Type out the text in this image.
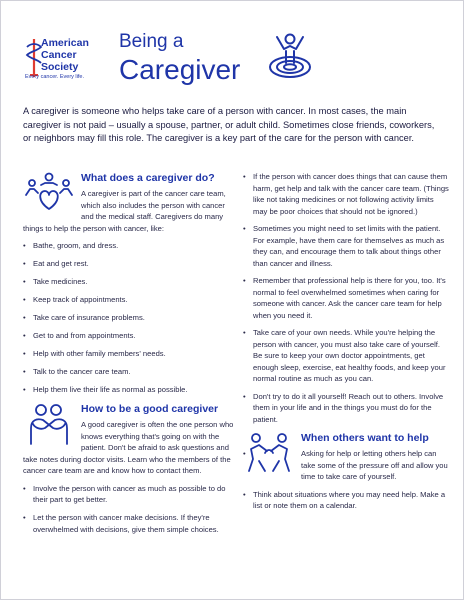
American
Cancer
Society
Every cancer. Every life.
Being a
Caregiver

A caregiver is someone who helps take care of a person with cancer. In most cases, the main caregiver is not paid – usually a spouse, partner, or adult child. Sometimes close friends, coworkers, or neighbors may fill this role. The caregiver is a key part of the care for the person with cancer.

What does a caregiver do?
A caregiver is part of the cancer care team, which also includes the person with cancer and the medical staff. Caregivers do many things to help the person with cancer, like:
• Bathe, groom, and dress.
• Eat and get rest.
• Take medicines.
• Keep track of appointments.
• Take care of insurance problems.
• Get to and from appointments.
• Help with other family members' needs.
• Talk to the cancer care team.
• Help them live their life as normal as possible.
How to be a good caregiver
A good caregiver is often the one person who knows everything that's going on with the patient. Don't be afraid to ask questions and take notes during doctor visits. Learn who the members of the cancer care team are and know how to contact them.
• Involve the person with cancer as much as possible to do their part to get better.
• Let the person with cancer make decisions. If they're overwhelmed with decisions, give them simple choices.
• If the person with cancer does things that can cause them harm, get help and talk with the cancer care team. (Things like not taking medicines or not following activity limits may be poor choices that should not be ignored.)
• Sometimes you might need to set limits with the patient. For example, have them care for themselves as much as they can, and encourage them to talk about things other than cancer and illness.
• Remember that professional help is there for you, too. It's normal to feel overwhelmed sometimes when caring for someone with cancer. Ask the cancer care team for help when you need it.
• Take care of your own needs. While you're helping the person with cancer, you must also take care of yourself. Be sure to keep your own doctor appointments, get enough sleep, exercise, eat healthy foods, and keep your normal routine as much as you can.
• Don't try to do it all yourself! Reach out to others. Involve them in your life and in the things you must do for the patient.
When others want to help
• Asking for help or letting others help can take some of the pressure off and allow you time to take care of yourself.
• Think about situations where you may need help. Make a list or note them on a calendar.
